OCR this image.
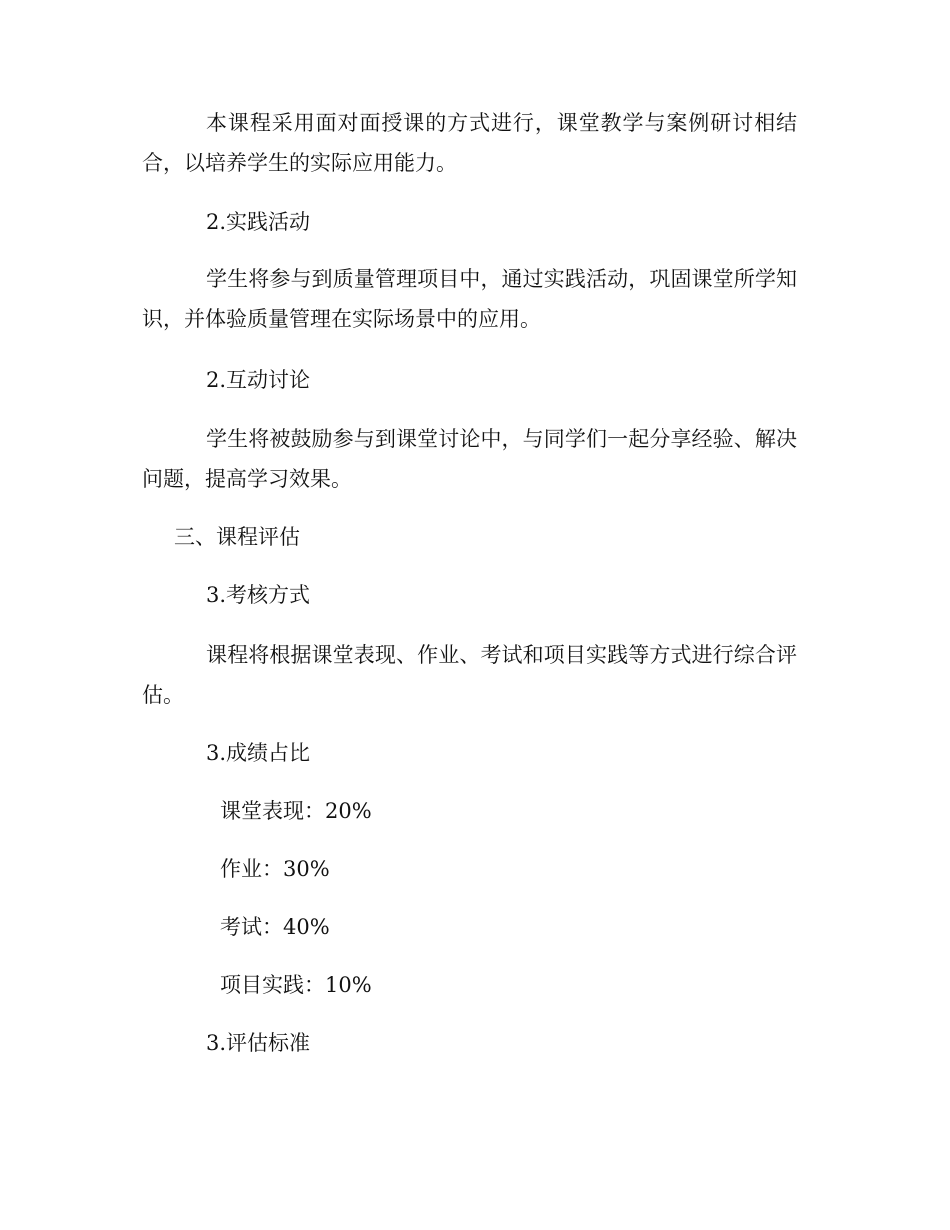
本课程采用面对面授课的方式进行，课堂教学与案例研讨相结合，以培养学生的实际应用能力。

2.实践活动

学生将参与到质量管理项目中，通过实践活动，巩固课堂所学知识，并体验质量管理在实际场景中的应用。

2.互动讨论

学生将被鼓励参与到课堂讨论中，与同学们一起分享经验、解决问题，提高学习效果。

三、课程评估

3.考核方式

课程将根据课堂表现、作业、考试和项目实践等方式进行综合评估。

3.成绩占比

课堂表现：20%

作业：30%

考试：40%

项目实践：10%

3.评估标准
